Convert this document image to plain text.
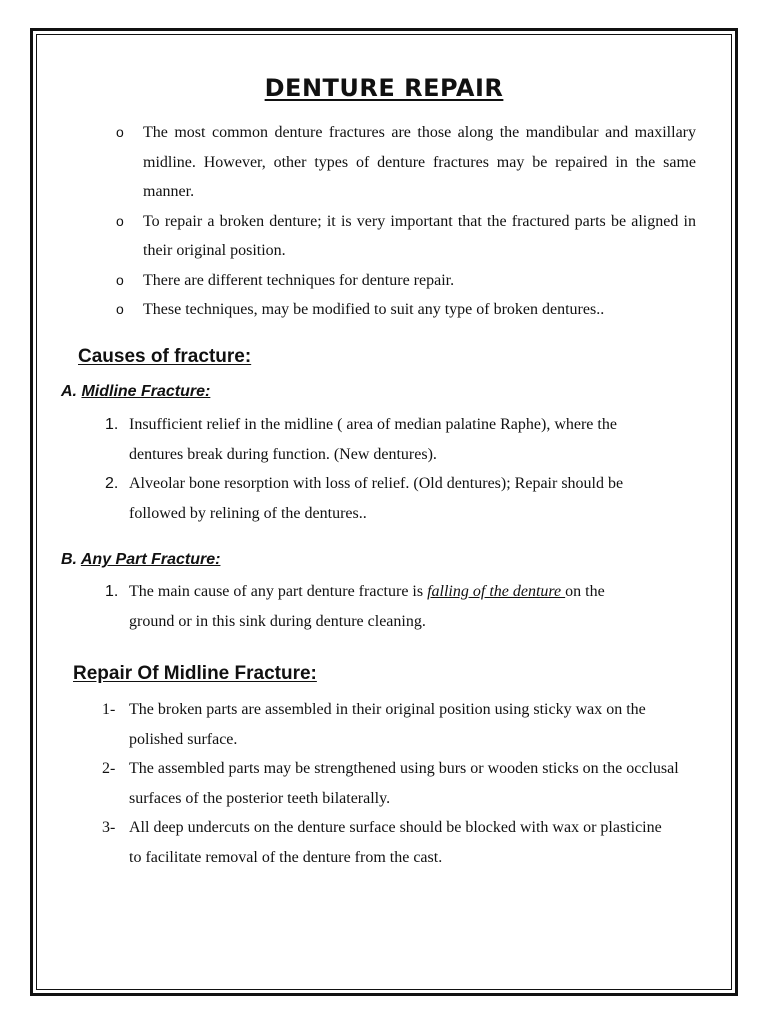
DENTURE REPAIR
o	The most common denture fractures are those along the mandibular and maxillary midline. However, other types of denture fractures may be repaired in the same manner.
o	To repair a broken denture; it is very important that the fractured parts be aligned in their original position.
o	There are different techniques for denture repair.
o	These techniques, may be modified to suit any type of broken dentures..
Causes of fracture:
A. Midline Fracture:
1. Insufficient relief in the midline ( area of median palatine Raphe), where the dentures break during function. (New dentures).
2. Alveolar bone resorption with loss of relief. (Old dentures); Repair should be followed by relining of the dentures..
B. Any Part Fracture:
1. The main cause of any part denture fracture is falling of the denture on the ground or in this sink during denture cleaning.
Repair Of Midline Fracture:
1- The broken parts are assembled in their original position using sticky wax on the polished surface.
2- The assembled parts may be strengthened using burs or wooden sticks on the occlusal surfaces of the posterior teeth bilaterally.
3- All deep undercuts on the denture surface should be blocked with wax or plasticine to facilitate removal of the denture from the cast.
